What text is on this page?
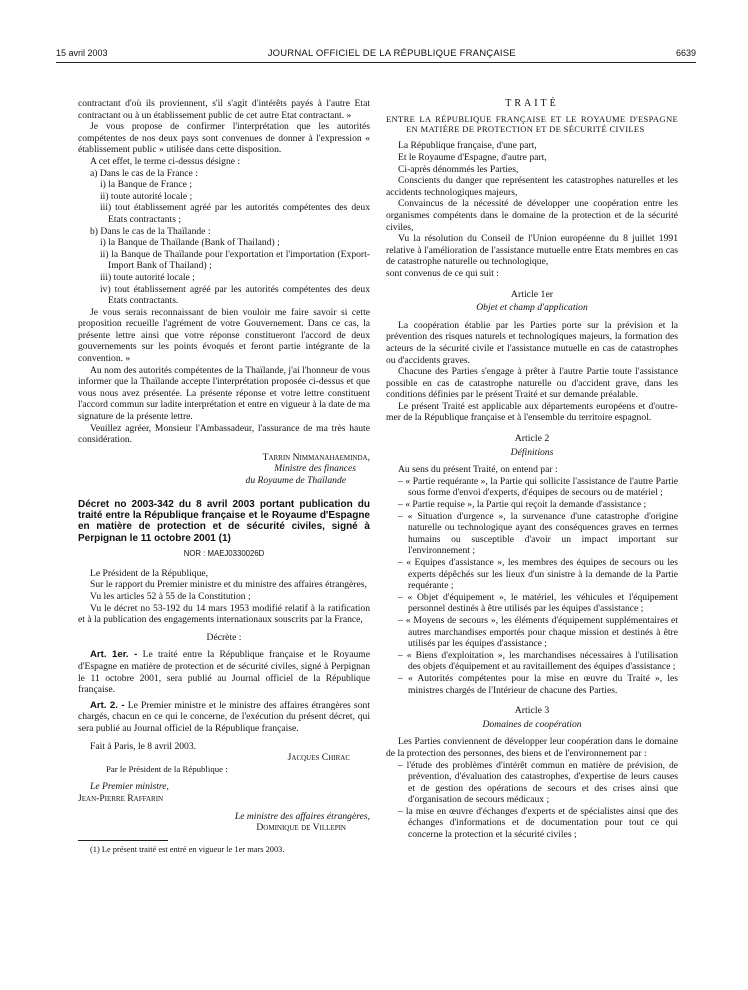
15 avril 2003	JOURNAL OFFICIEL DE LA RÉPUBLIQUE FRANÇAISE	6639

contractant d'où ils proviennent, s'il s'agit d'intérêts payés à l'autre Etat contractant ou à un établissement public de cet autre Etat contractant. »

Je vous propose de confirmer l'interprétation que les autorités compétentes de nos deux pays sont convenues de donner à l'expression « établissement public » utilisée dans cette disposition.

A cet effet, le terme ci-dessus désigne :

a) Dans le cas de la France :

i) la Banque de France ;

ii) toute autorité locale ;

iii) tout établissement agréé par les autorités compétentes des deux Etats contractants ;

b) Dans le cas de la Thaïlande :

i) la Banque de Thaïlande (Bank of Thailand) ;

ii) la Banque de Thaïlande pour l'exportation et l'importation (Export-Import Bank of Thailand) ;

iii) toute autorité locale ;

iv) tout établissement agréé par les autorités compétentes des deux Etats contractants.

Je vous serais reconnaissant de bien vouloir me faire savoir si cette proposition recueille l'agrément de votre Gouvernement. Dans ce cas, la présente lettre ainsi que votre réponse constitueront l'accord de deux gouvernements sur les points évoqués et feront partie intégrante de la convention. »

Au nom des autorités compétentes de la Thaïlande, j'ai l'honneur de vous informer que la Thaïlande accepte l'interprétation proposée ci-dessus et que vous nous avez présentée. La présente réponse et votre lettre constituent l'accord commun sur ladite interprétation et entre en vigueur à la date de ma signature de la présente lettre.

Veuillez agréer, Monsieur l'Ambassadeur, l'assurance de ma très haute considération.

Tarrin Nimmanahaeminda,

Ministre des finances

du Royaume de Thaïlande

Décret no 2003-342 du 8 avril 2003 portant publication du traité entre la République française et le Royaume d'Espagne en matière de protection et de sécurité civiles, signé à Perpignan le 11 octobre 2001 (1)

NOR : MAEJ0330026D

Le Président de la République,

Sur le rapport du Premier ministre et du ministre des affaires étrangères,

Vu les articles 52 à 55 de la Constitution ;

Vu le décret no 53-192 du 14 mars 1953 modifié relatif à la ratification et à la publication des engagements internationaux souscrits par la France,

Décrète :

Art. 1er. - Le traité entre la République française et le Royaume d'Espagne en matière de protection et de sécurité civiles, signé à Perpignan le 11 octobre 2001, sera publié au Journal officiel de la République française.

Art. 2. - Le Premier ministre et le ministre des affaires étrangères sont chargés, chacun en ce qui le concerne, de l'exécution du présent décret, qui sera publié au Journal officiel de la République française.

Fait à Paris, le 8 avril 2003.

Jacques Chirac

Par le Président de la République :

Le Premier ministre,

Jean-Pierre Raffarin

Le ministre des affaires étrangères,

Dominique de Villepin

(1) Le présent traité est entré en vigueur le 1er mars 2003.

TRAITÉ

ENTRE LA RÉPUBLIQUE FRANÇAISE ET LE ROYAUME D'ESPAGNE EN MATIÈRE DE PROTECTION ET DE SÉCURITÉ CIVILES

La République française, d'une part,

Et le Royaume d'Espagne, d'autre part,

Ci-après dénommés les Parties,

Conscients du danger que représentent les catastrophes naturelles et les accidents technologiques majeurs,

Convaincus de la nécessité de développer une coopération entre les organismes compétents dans le domaine de la protection et de la sécurité civiles,

Vu la résolution du Conseil de l'Union européenne du 8 juillet 1991 relative à l'amélioration de l'assistance mutuelle entre Etats membres en cas de catastrophe naturelle ou technologique,

sont convenus de ce qui suit :

Article 1er

Objet et champ d'application

La coopération établie par les Parties porte sur la prévision et la prévention des risques naturels et technologiques majeurs, la formation des acteurs de la sécurité civile et l'assistance mutuelle en cas de catastrophes ou d'accidents graves.

Chacune des Parties s'engage à prêter à l'autre Partie toute l'assistance possible en cas de catastrophe naturelle ou d'accident grave, dans les conditions définies par le présent Traité et sur demande préalable.

Le présent Traité est applicable aux départements européens et d'outre-mer de la République française et à l'ensemble du territoire espagnol.

Article 2

Définitions

Au sens du présent Traité, on entend par :

– « Partie requérante », la Partie qui sollicite l'assistance de l'autre Partie sous forme d'envoi d'experts, d'équipes de secours ou de matériel ;

– « Partie requise », la Partie qui reçoit la demande d'assistance ;

– « Situation d'urgence », la survenance d'une catastrophe d'origine naturelle ou technologique ayant des conséquences graves en termes humains ou susceptible d'avoir un impact important sur l'environnement ;

– « Equipes d'assistance », les membres des équipes de secours ou les experts dépêchés sur les lieux d'un sinistre à la demande de la Partie requérante ;

– « Objet d'équipement », le matériel, les véhicules et l'équipement personnel destinés à être utilisés par les équipes d'assistance ;

– « Moyens de secours », les éléments d'équipement supplémentaires et autres marchandises emportés pour chaque mission et destinés à être utilisés par les équipes d'assistance ;

– « Biens d'exploitation », les marchandises nécessaires à l'utilisation des objets d'équipement et au ravitaillement des équipes d'assistance ;

– « Autorités compétentes pour la mise en œuvre du Traité », les ministres chargés de l'Intérieur de chacune des Parties.

Article 3

Domaines de coopération

Les Parties conviennent de développer leur coopération dans le domaine de la protection des personnes, des biens et de l'environnement par :

– l'étude des problèmes d'intérêt commun en matière de prévision, de prévention, d'évaluation des catastrophes, d'expertise de leurs causes et de gestion des opérations de secours et des crises ainsi que d'organisation de secours médicaux ;

– la mise en œuvre d'échanges d'experts et de spécialistes ainsi que des échanges d'informations et de documentation pour tout ce qui concerne la protection et la sécurité civiles ;
